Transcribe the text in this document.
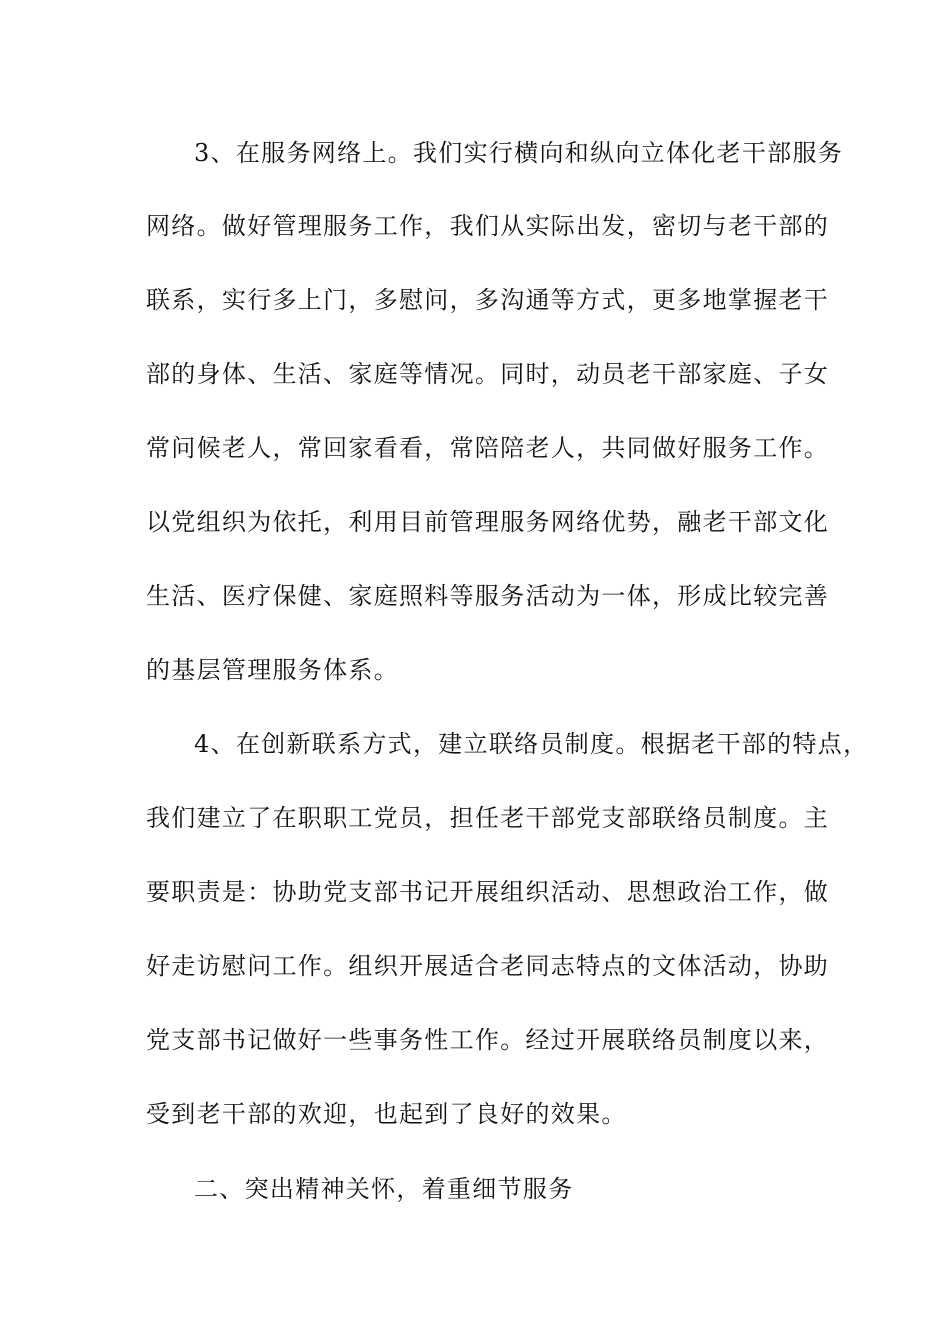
3、在服务网络上。我们实行横向和纵向立体化老干部服务
网络。做好管理服务工作，我们从实际出发，密切与老干部的
联系，实行多上门，多慰问，多沟通等方式，更多地掌握老干
部的身体、生活、家庭等情况。同时，动员老干部家庭、子女
常问候老人，常回家看看，常陪陪老人，共同做好服务工作。
以党组织为依托，利用目前管理服务网络优势，融老干部文化
生活、医疗保健、家庭照料等服务活动为一体，形成比较完善
的基层管理服务体系。
4、在创新联系方式，建立联络员制度。根据老干部的特点，
我们建立了在职职工党员，担任老干部党支部联络员制度。主
要职责是：协助党支部书记开展组织活动、思想政治工作，做
好走访慰问工作。组织开展适合老同志特点的文体活动，协助
党支部书记做好一些事务性工作。经过开展联络员制度以来，
受到老干部的欢迎，也起到了良好的效果。
二、突出精神关怀，着重细节服务
